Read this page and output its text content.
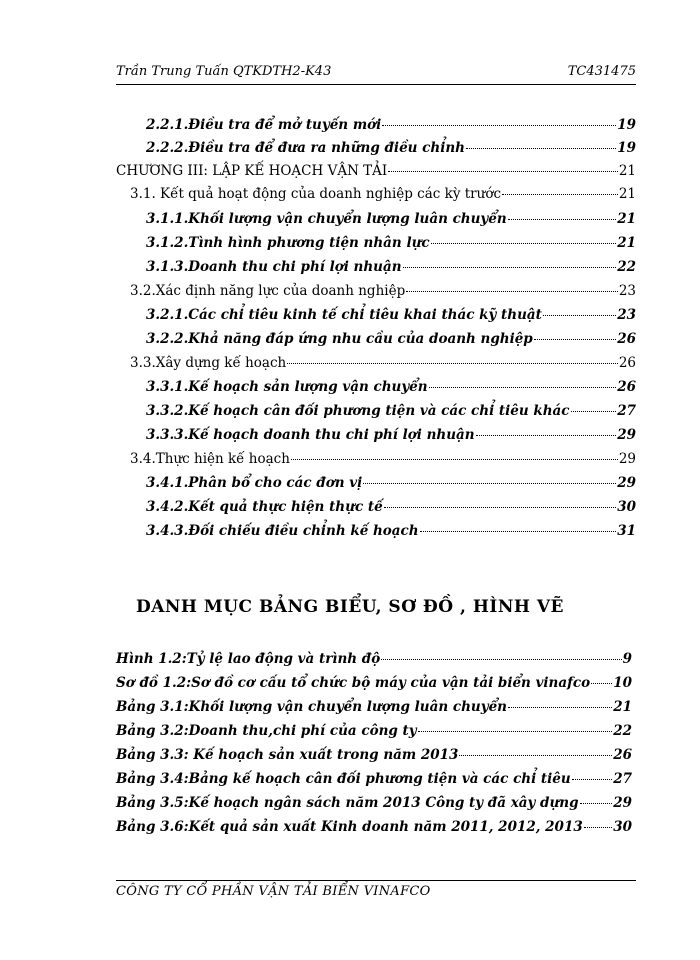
Trần Trung Tuấn QTKDTH2-K43	TC431475
2.2.1.Điều tra để mở tuyến mới	19
2.2.2.Điều tra để đưa ra những điều chỉnh	19
CHƯƠNG III: LẬP KẾ HOẠCH VẬN TẢI	21
3.1. Kết quả hoạt động của doanh nghiệp các kỳ trước	21
3.1.1.Khối lượng vận chuyển lượng luân chuyển	21
3.1.2.Tình hình phương tiện nhân lực	21
3.1.3.Doanh thu chi phí lợi nhuận	22
3.2.Xác định năng lực của doanh nghiệp	23
3.2.1.Các chỉ tiêu kinh tế chỉ tiêu khai thác kỹ thuật	23
3.2.2.Khả năng đáp ứng nhu cầu của doanh nghiệp	26
3.3.Xây dựng kế hoạch	26
3.3.1.Kế hoạch sản lượng vận chuyển	26
3.3.2.Kế hoạch cân đối phương tiện và các chỉ tiêu khác	27
3.3.3.Kế hoạch doanh thu chi phí lợi nhuận	29
3.4.Thực hiện kế hoạch	29
3.4.1.Phân bổ cho các đơn vị	29
3.4.2.Kết quả thực hiện thực tế	30
3.4.3.Đối chiếu điều chỉnh kế hoạch	31
DANH MỤC BẢNG BIỂU, SƠ ĐỒ , HÌNH VẼ
Hình 1.2:Tỷ lệ lao động và trình độ	9
Sơ đồ 1.2:Sơ đồ cơ cấu tổ chức bộ máy của vận tải biển vinafco 10
Bảng 3.1:Khối lượng vận chuyển lượng luân chuyển	21
Bảng 3.2:Doanh thu,chi phí của công ty	22
Bảng 3.3: Kế hoạch sản xuất trong năm 2013	26
Bảng 3.4:Bảng kế hoạch cân đối phương tiện và các chỉ tiêu	27
Bảng 3.5:Kế hoạch ngân sách năm 2013 Công ty đã xây dựng	29
Bảng 3.6:Kết quả sản xuất Kinh doanh năm 2011, 2012, 2013 30
CÔNG TY CỔ PHẦN VẬN TẢI BIỂN VINAFCO
